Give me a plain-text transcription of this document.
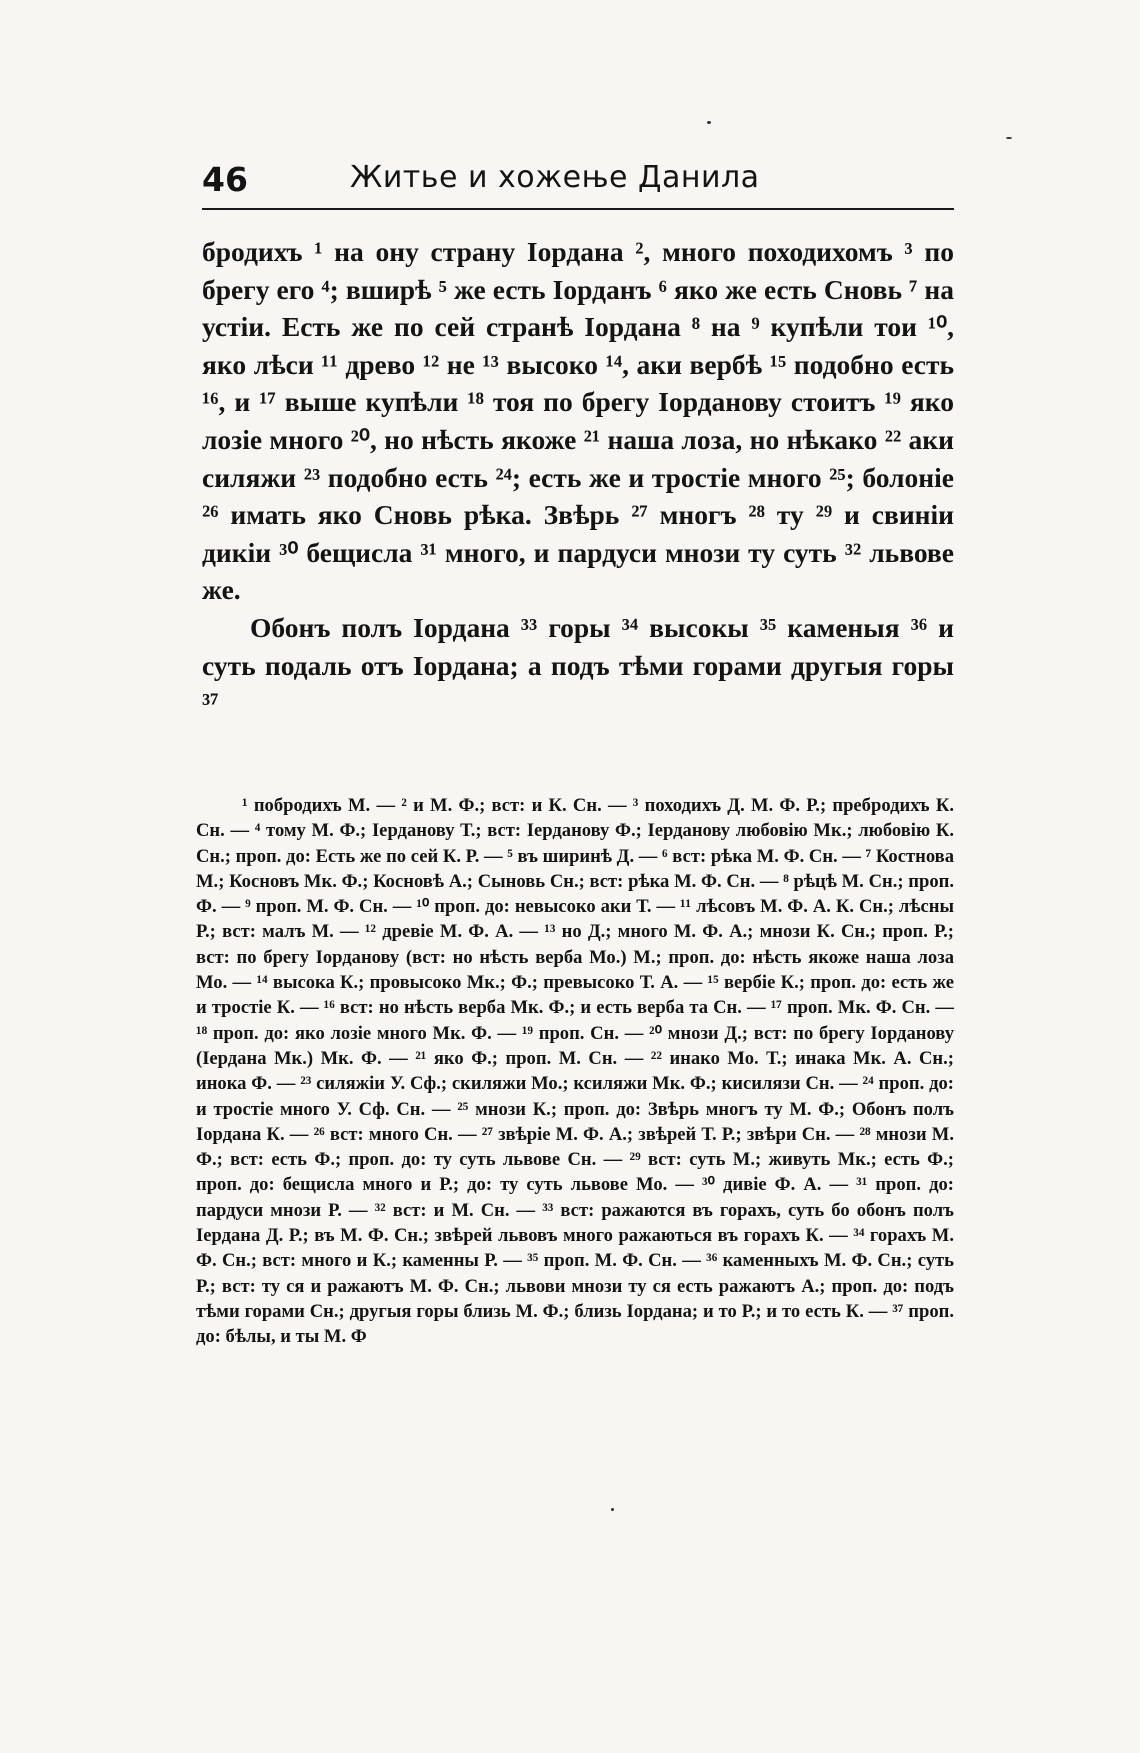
46	Житье и хожење Данила

бродихъ ¹ на ону страну Іордана ², много походихомъ ³ по брегу его ⁴; вширѣ ⁵ же есть Іорданъ ⁶ яко же есть Сновь ⁷ на устіи. Есть же по сей странѣ Іордана ⁸ на ⁹ купѣли тои ¹⁰, яко лѣси ¹¹ древо ¹² не ¹³ высоко ¹⁴, аки вербѣ ¹⁵ подобно есть ¹⁶, и ¹⁷ выше купѣли ¹⁸ тоя по брегу Іорданову стоитъ ¹⁹ яко лозіе много ²⁰, но нѣсть якоже ²¹ наша лоза, но нѣкако ²² аки силяжи ²³ подобно есть ²⁴; есть же и тростіе много ²⁵; болоніе ²⁶ имать яко Сновь рѣка. Звѣрь ²⁷ многъ ²⁸ ту ²⁹ и свиніи дикіи ³⁰ бещисла ³¹ много, и пардуси мнози ту суть ³² львове же.

Обонъ полъ Іордана ³³ горы ³⁴ высокы ³⁵ каменыя ³⁶ и суть подаль отъ Іордана; а подъ тѣми горами другыя горы ³⁷

¹ побродихъ М. — ² и М. Ф.; вст: и К. Сн. — ³ походихъ Д. М. Ф. Р.; пребродихъ К. Сн. — ⁴ тому М. Ф.; Іерданову Т.; вст: Іерданову Ф.; Іерданову любовію Мк.; любовію К. Сн.; проп. до: Есть же по сей К. Р. — ⁵ въ ширинѣ Д. — ⁶ вст: рѣка М. Ф. Сн. — ⁷ Костнова М.; Косновъ Мк. Ф.; Косновѣ А.; Сыновь Сн.; вст: рѣка М. Ф. Сн. — ⁸ рѣцѣ М. Сн.; проп. Ф. — ⁹ проп. М. Ф. Сн. — ¹⁰ проп. до: невысоко аки Т. — ¹¹ лѣсовъ М. Ф. А. К. Сн.; лѣсны Р.; вст: малъ М. — ¹² древіе М. Ф. А. — ¹³ но Д.; много М. Ф. А.; мнози К. Сн.; проп. Р.; вст: по брегу Іорданову (вст: но нѣсть верба Мо.) М.; проп. до: нѣсть якоже наша лоза Мо. — ¹⁴ высока К.; провысоко Мк.; Ф.; превысоко Т. А. — ¹⁵ вербіе К.; проп. до: есть же и тростіе К. — ¹⁶ вст: но нѣсть верба Мк. Ф.; и есть верба та Сн. — ¹⁷ проп. Мк. Ф. Сн. — ¹⁸ проп. до: яко лозіе много Мк. Ф. — ¹⁹ проп. Сн. — ²⁰ мнози Д.; вст: по брегу Іорданову (Іердана Мк.) Мк. Ф. — ²¹ яко Ф.; проп. М. Сн. — ²² инако Мо. Т.; инака Мк. А. Сн.; инока Ф. — ²³ силяжіи У. Сф.; скиляжи Мо.; ксиляжи Мк. Ф.; кисилязи Сн. — ²⁴ проп. до: и тростіе много У. Сф. Сн. — ²⁵ мнози К.; проп. до: Звѣрь многъ ту М. Ф.; Обонъ полъ Іордана К. — ²⁶ вст: много Сн. — ²⁷ звѣріе М. Ф. А.; звѣрей Т. Р.; звѣри Сн. — ²⁸ мнози М. Ф.; вст: есть Ф.; проп. до: ту суть львове Сн. — ²⁹ вст: суть М.; живуть Мк.; есть Ф.; проп. до: бещисла много и Р.; до: ту суть львове Мо. — ³⁰ дивіе Ф. А. — ³¹ проп. до: пардуси мнози Р. — ³² вст: и М. Сн. — ³³ вст: ражаются въ горахъ, суть бо обонъ полъ Іердана Д. Р.; въ М. Ф. Сн.; звѣрей львовъ много ражаються въ горахъ К. — ³⁴ горахъ М. Ф. Сн.; вст: много и К.; каменны Р. — ³⁵ проп. М. Ф. Сн. — ³⁶ каменныхъ М. Ф. Сн.; суть Р.; вст: ту ся и ражаютъ М. Ф. Сн.; львови мнози ту ся есть ражаютъ А.; проп. до: подъ тѣми горами Сн.; другыя горы близь М. Ф.; близь Іордана; и то Р.; и то есть К. — ³⁷ проп. до: бѣлы, и ты М. Ф
